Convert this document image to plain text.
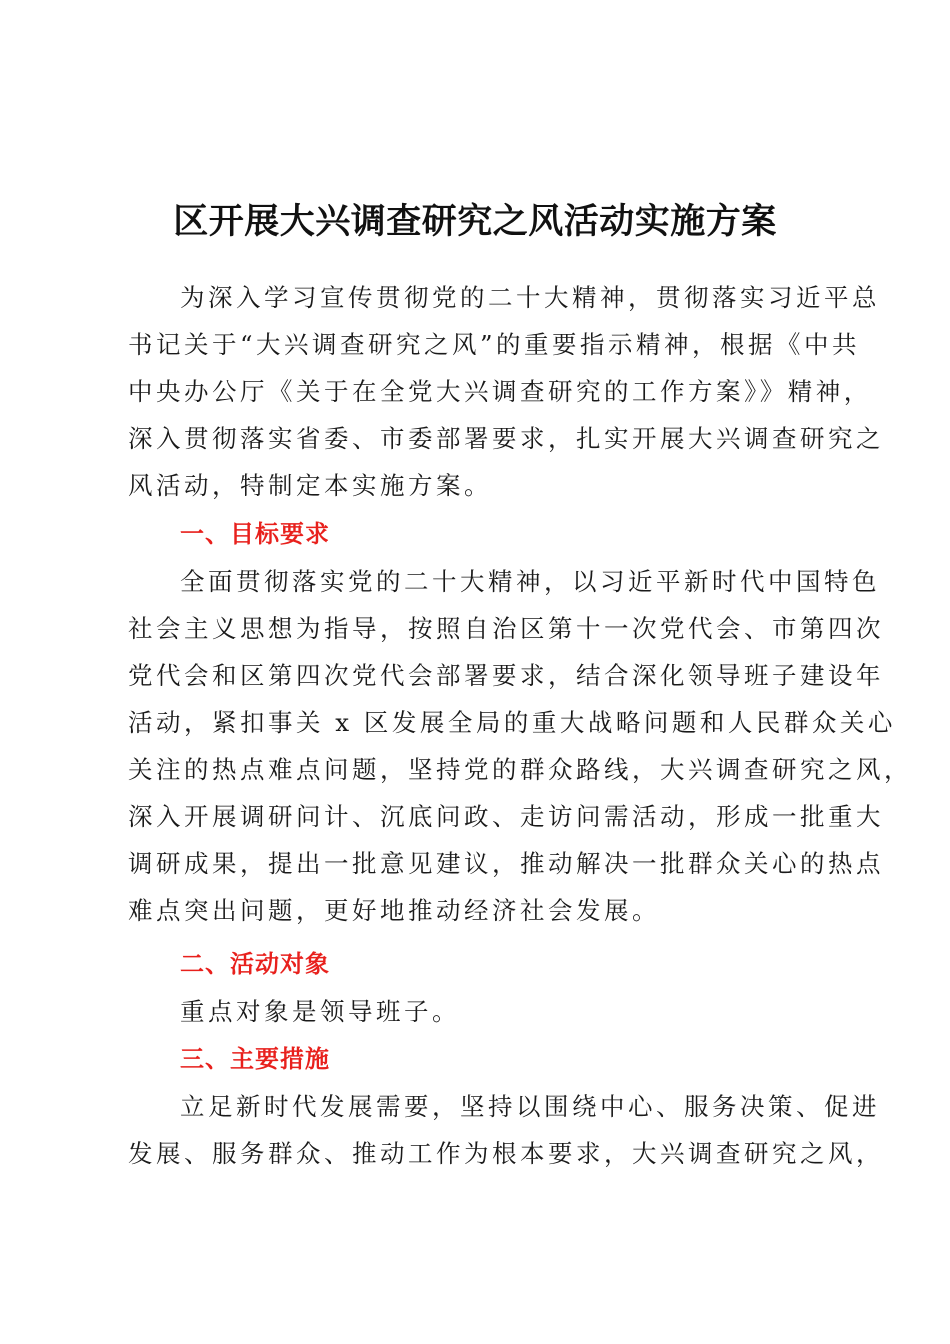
区开展大兴调查研究之风活动实施方案

为深入学习宣传贯彻党的二十大精神，贯彻落实习近平总

书记关于“大兴调查研究之风”的重要指示精神，根据《中共

中央办公厅《关于在全党大兴调查研究的工作方案》》精神，

深入贯彻落实省委、市委部署要求，扎实开展大兴调查研究之

风活动，特制定本实施方案。

一、目标要求

全面贯彻落实党的二十大精神，以习近平新时代中国特色

社会主义思想为指导，按照自治区第十一次党代会、市第四次

党代会和区第四次党代会部署要求，结合深化领导班子建设年

活动，紧扣事关 x 区发展全局的重大战略问题和人民群众关心

关注的热点难点问题，坚持党的群众路线，大兴调查研究之风，

深入开展调研问计、沉底问政、走访问需活动，形成一批重大

调研成果，提出一批意见建议，推动解决一批群众关心的热点

难点突出问题，更好地推动经济社会发展。

二、活动对象

重点对象是领导班子。

三、主要措施

立足新时代发展需要，坚持以围绕中心、服务决策、促进

发展、服务群众、推动工作为根本要求，大兴调查研究之风，
